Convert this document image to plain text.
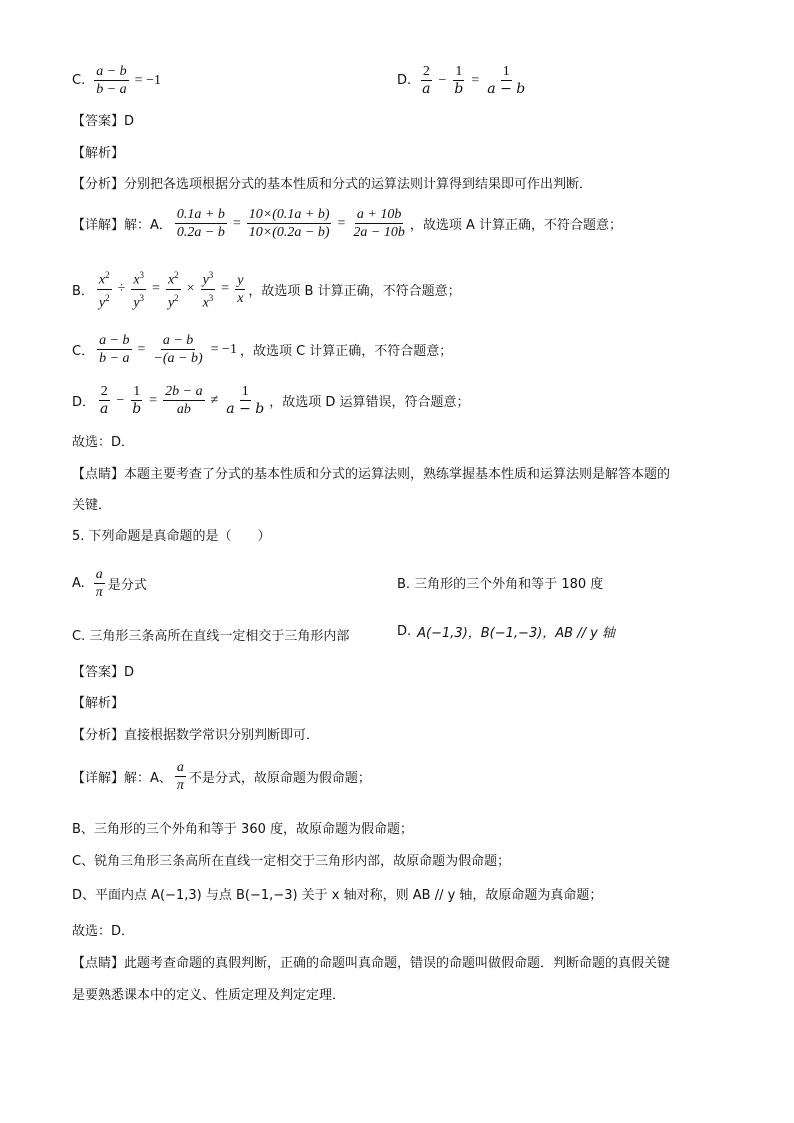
C. $\frac{a - b}{b - a} = -1$	D. $\frac{2}{a} - \frac{1}{b} = \frac{1}{a - b}$
【答案】D
【解析】
【分析】分别把各选项根据分式的基本性质和分式的运算法则计算得到结果即可作出判断．
【详解】解：A． $\frac{0.1a + b}{0.2a - b} = \frac{10\times(0.1a + b)}{10\times(0.2a - b)} = \frac{a + 10b}{2a - 10b}$ ，故选项 A 计算正确，不符合题意；
B． $\frac{x^2}{y^2} \div \frac{x^3}{y^3} = \frac{x^2}{y^2} \times \frac{y^3}{x^3} = \frac{y}{x}$ ，故选项 B 计算正确，不符合题意；
C． $\frac{a - b}{b - a} = \frac{a - b}{-(a - b)} = -1$ ，故选项 C 计算正确，不符合题意；
D． $\frac{2}{a} - \frac{1}{b} = \frac{2b - a}{ab} \ne \frac{1}{a - b}$ ，故选项 D 运算错误，符合题意；
故选：D．
【点睛】本题主要考查了分式的基本性质和分式的运算法则，熟练掌握基本性质和运算法则是解答本题的
关键．
5. 下列命题是真命题的是（　　）
A. $\frac{a}{\pi}$ 是分式	B. 三角形的三个外角和等于 180 度
C. 三角形三条高所在直线一定相交于三角形内部	D. A(−1,3)，B(−1,−3)，AB // y 轴
【答案】D
【解析】
【分析】直接根据数学常识分别判断即可．
【详解】解：A、 $\frac{a}{\pi}$ 不是分式，故原命题为假命题；
B、三角形的三个外角和等于 360 度，故原命题为假命题；
C、锐角三角形三条高所在直线一定相交于三角形内部，故原命题为假命题；
D、平面内点 A(−1,3) 与点 B(−1,−3) 关于 x 轴对称，则 AB // y 轴，故原命题为真命题；
故选：D．
【点睛】此题考查命题的真假判断，正确的命题叫真命题，错误的命题叫做假命题．判断命题的真假关键
是要熟悉课本中的定义、性质定理及判定定理．
